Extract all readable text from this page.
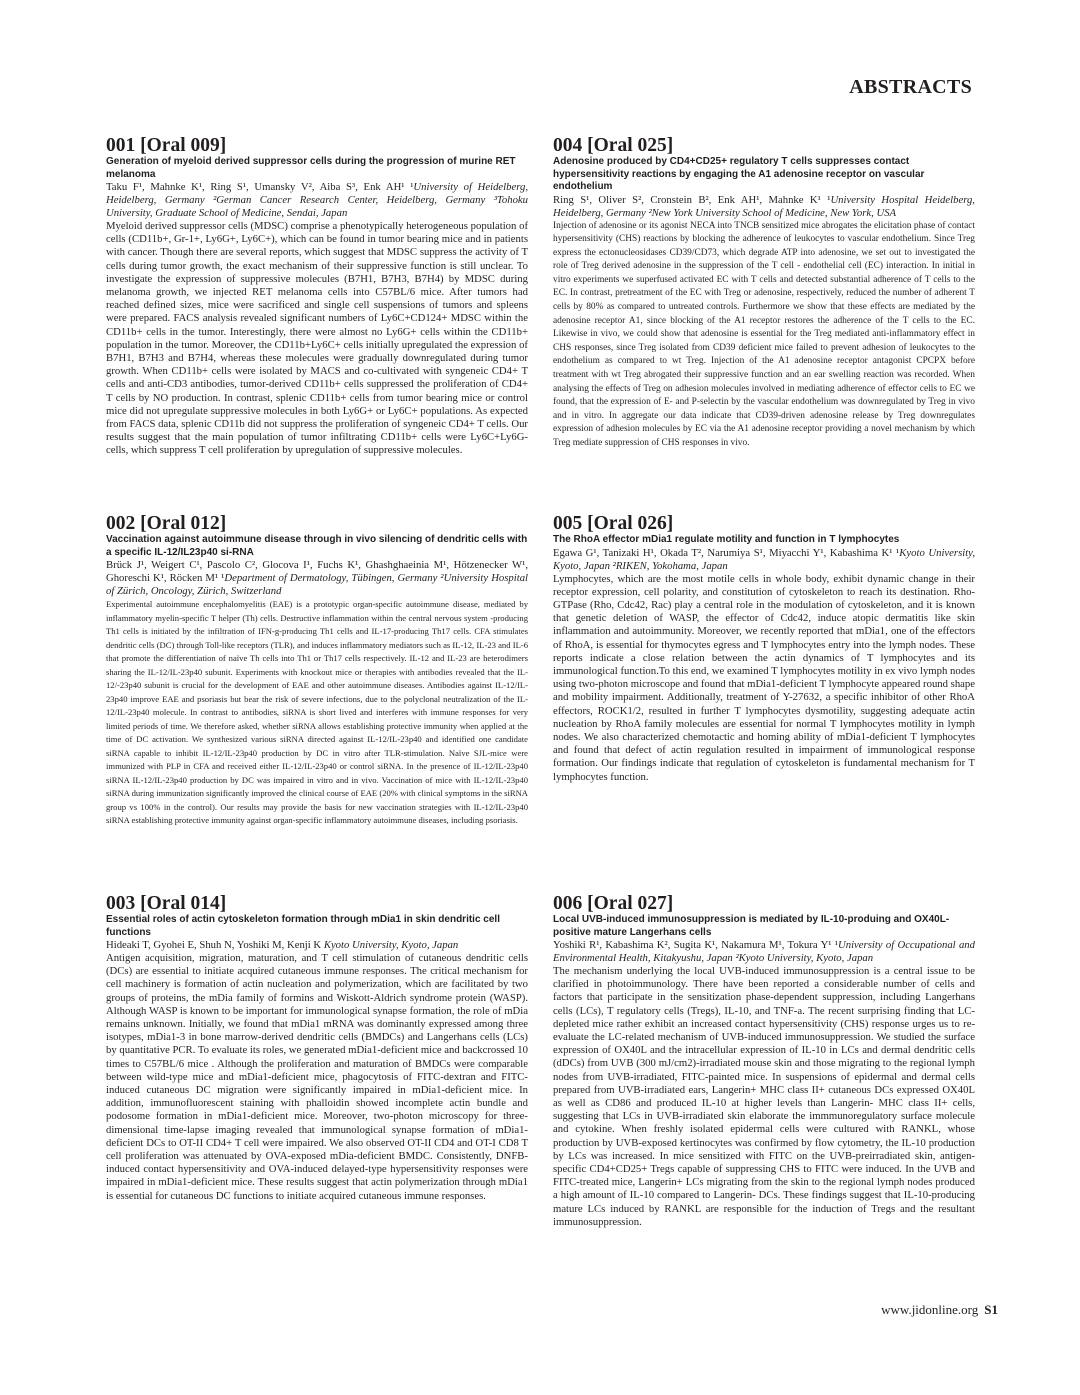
ABSTRACTS
001 [Oral 009]

Generation of myeloid derived suppressor cells during the progression of murine RET melanoma

Taku F¹, Mahnke K¹, Ring S¹, Umansky V², Aiba S³, Enk AH¹ ¹University of Heidelberg, Heidelberg, Germany ²German Cancer Research Center, Heidelberg, Germany ³Tohoku University, Graduate School of Medicine, Sendai, Japan

Myeloid derived suppressor cells (MDSC) comprise a phenotypically heterogeneous population of cells (CD11b+, Gr-1+, Ly6G+, Ly6C+), which can be found in tumor bearing mice and in patients with cancer. Though there are several reports, which suggest that MDSC suppress the activity of T cells during tumor growth, the exact mechanism of their suppressive function is still unclear. To investigate the expression of suppressive molecules (B7H1, B7H3, B7H4) by MDSC during melanoma growth, we injected RET melanoma cells into C57BL/6 mice. After tumors had reached defined sizes, mice were sacrificed and single cell suspensions of tumors and spleens were prepared. FACS analysis revealed significant numbers of Ly6C+CD124+ MDSC within the CD11b+ cells in the tumor. Interestingly, there were almost no Ly6G+ cells within the CD11b+ population in the tumor. Moreover, the CD11b+Ly6C+ cells initially upregulated the expression of B7H1, B7H3 and B7H4, whereas these molecules were gradually downregulated during tumor growth. When CD11b+ cells were isolated by MACS and co-cultivated with syngeneic CD4+ T cells and anti-CD3 antibodies, tumor-derived CD11b+ cells suppressed the proliferation of CD4+ T cells by NO production. In contrast, splenic CD11b+ cells from tumor bearing mice or control mice did not upregulate suppressive molecules in both Ly6G+ or Ly6C+ populations. As expected from FACS data, splenic CD11b did not suppress the proliferation of syngeneic CD4+ T cells. Our results suggest that the main population of tumor infiltrating CD11b+ cells were Ly6C+Ly6G- cells, which suppress T cell proliferation by upregulation of suppressive molecules.

002 [Oral 012]

Vaccination against autoimmune disease through in vivo silencing of dendritic cells with a specific IL-12/IL23p40 si-RNA

Brück J¹, Weigert C¹, Pascolo C², Glocova I¹, Fuchs K¹, Ghashghaeinia M¹, Hötzenecker W¹, Ghoreschi K¹, Röcken M¹ ¹Department of Dermatology, Tübingen, Germany ²University Hospital of Zürich, Oncology, Zürich, Switzerland

Experimental autoimmune encephalomyelitis (EAE) is a prototypic organ-specific autoimmune disease, mediated by inflammatory myelin-specific T helper (Th) cells. Destructive inflammation within the central nervous system -producing Th1 cells is initiated by the infiltration of IFN-g-producing Th1 cells and IL-17-producing Th17 cells. CFA stimulates dendritic cells (DC) through Toll-like receptors (TLR), and induces inflammatory mediators such as IL-12, IL-23 and IL-6 that promote the differentiation of naïve Th cells into Th1 or Th17 cells respectively. IL-12 and IL-23 are heterodimers sharing the IL-12/IL-23p40 subunit. Experiments with knockout mice or therapies with antibodies revealed that the IL-12/-23p40 subunit is crucial for the development of EAE and other autoimmune diseases. Antibodies against IL-12/IL-23p40 improve EAE and psoriasis but bear the risk of severe infections, due to the polyclonal neutralization of the IL-12/IL-23p40 molecule. In contrast to antibodies, siRNA is short lived and interferes with immune responses for very limited periods of time. We therefore asked, whether siRNA allows establishing protective immunity when applied at the time of DC activation. We synthesized various siRNA directed against IL-12/IL-23p40 and identified one candidate siRNA capable to inhibit IL-12/IL-23p40 production by DC in vitro after TLR-stimulation. Naïve SJL-mice were immunized with PLP in CFA and received either IL-12/IL-23p40 or control siRNA. In the presence of IL-12/IL-23p40 siRNA IL-12/IL-23p40 production by DC was impaired in vitro and in vivo. Vaccination of mice with IL-12/IL-23p40 siRNA during immunization significantly improved the clinical course of EAE (20% with clinical symptoms in the siRNA group vs 100% in the control). Our results may provide the basis for new vaccination strategies with IL-12/IL-23p40 siRNA establishing protective immunity against organ-specific inflammatory autoimmune diseases, including psoriasis.

003 [Oral 014]

Essential roles of actin cytoskeleton formation through mDia1 in skin dendritic cell functions

Hideaki T, Gyohei E, Shuh N, Yoshiki M, Kenji K Kyoto University, Kyoto, Japan

Antigen acquisition, migration, maturation, and T cell stimulation of cutaneous dendritic cells (DCs) are essential to initiate acquired cutaneous immune responses. The critical mechanism for cell machinery is formation of actin nucleation and polymerization, which are facilitated by two groups of proteins, the mDia family of formins and Wiskott-Aldrich syndrome protein (WASP). Although WASP is known to be important for immunological synapse formation, the role of mDia remains unknown. Initially, we found that mDia1 mRNA was dominantly expressed among three isotypes, mDia1-3 in bone marrow-derived dendritic cells (BMDCs) and Langerhans cells (LCs) by quantitative PCR. To evaluate its roles, we generated mDia1-deficient mice and backcrossed 10 times to C57BL/6 mice . Although the proliferation and maturation of BMDCs were comparable between wild-type mice and mDia1-deficient mice, phagocytosis of FITC-dextran and FITC-induced cutaneous DC migration were significantly impaired in mDia1-deficient mice. In addition, immunofluorescent staining with phalloidin showed incomplete actin bundle and podosome formation in mDia1-deficient mice. Moreover, two-photon microscopy for three-dimensional time-lapse imaging revealed that immunological synapse formation of mDia1-deficient DCs to OT-II CD4+ T cell were impaired. We also observed OT-II CD4 and OT-I CD8 T cell proliferation was attenuated by OVA-exposed mDia-deficient BMDC. Consistently, DNFB-induced contact hypersensitivity and OVA-induced delayed-type hypersensitivity responses were impaired in mDia1-deficient mice. These results suggest that actin polymerization through mDia1 is essential for cutaneous DC functions to initiate acquired cutaneous immune responses.

004 [Oral 025]

Adenosine produced by CD4+CD25+ regulatory T cells suppresses contact hypersensitivity reactions by engaging the A1 adenosine receptor on vascular endothelium

Ring S¹, Oliver S², Cronstein B², Enk AH¹, Mahnke K¹ ¹University Hospital Heidelberg, Heidelberg, Germany ²New York University School of Medicine, New York, USA

Injection of adenosine or its agonist NECA into TNCB sensitized mice abrogates the elicitation phase of contact hypersensitivity (CHS) reactions by blocking the adherence of leukocytes to vascular endothelium. Since Treg express the ectonucleosidases CD39/CD73, which degrade ATP into adenosine, we set out to investigated the role of Treg derived adenosine in the suppression of the T cell - endothelial cell (EC) interaction. In initial in vitro experiments we superfused activated EC with T cells and detected substantial adherence of T cells to the EC. In contrast, pretreatment of the EC with Treg or adenosine, respectively, reduced the number of adherent T cells by 80% as compared to untreated controls. Furthermore we show that these effects are mediated by the adenosine receptor A1, since blocking of the A1 receptor restores the adherence of the T cells to the EC. Likewise in vivo, we could show that adenosine is essential for the Treg mediated anti-inflammatory effect in CHS responses, since Treg isolated from CD39 deficient mice failed to prevent adhesion of leukocytes to the endothelium as compared to wt Treg. Injection of the A1 adenosine receptor antagonist CPCPX before treatment with wt Treg abrogated their suppressive function and an ear swelling reaction was recorded. When analysing the effects of Treg on adhesion molecules involved in mediating adherence of effector cells to EC we found, that the expression of E- and P-selectin by the vascular endothelium was downregulated by Treg in vivo and in vitro. In aggregate our data indicate that CD39-driven adenosine release by Treg downregulates expression of adhesion molecules by EC via the A1 adenosine receptor providing a novel mechanism by which Treg mediate suppression of CHS responses in vivo.

005 [Oral 026]

The RhoA effector mDia1 regulate motility and function in T lymphocytes

Egawa G¹, Tanizaki H¹, Okada T², Narumiya S¹, Miyacchi Y¹, Kabashima K¹ ¹Kyoto University, Kyoto, Japan ²RIKEN, Yokohama, Japan

Lymphocytes, which are the most motile cells in whole body, exhibit dynamic change in their receptor expression, cell polarity, and constitution of cytoskeleton to reach its destination. Rho-GTPase (Rho, Cdc42, Rac) play a central role in the modulation of cytoskeleton, and it is known that genetic deletion of WASP, the effector of Cdc42, induce atopic dermatitis like skin inflammation and autoimmunity. Moreover, we recently reported that mDia1, one of the effectors of RhoA, is essential for thymocytes egress and T lymphocytes entry into the lymph nodes. These reports indicate a close relation between the actin dynamics of T lymphocytes and its immunological function.To this end, we examined T lymphocytes motility in ex vivo lymph nodes using two-photon microscope and found that mDia1-deficient T lymphocyte appeared round shape and mobility impairment. Additionally, treatment of Y-27632, a specific inhibitor of other RhoA effectors, ROCK1/2, resulted in further T lymphocytes dysmotility, suggesting adequate actin nucleation by RhoA family molecules are essential for normal T lymphocytes motility in lymph nodes. We also characterized chemotactic and homing ability of mDia1-deficient T lymphocytes and found that defect of actin regulation resulted in impairment of immunological response formation. Our findings indicate that regulation of cytoskeleton is fundamental mechanism for T lymphocytes function.

006 [Oral 027]

Local UVB-induced immunosuppression is mediated by IL-10-produing and OX40L-positive mature Langerhans cells

Yoshiki R¹, Kabashima K², Sugita K¹, Nakamura M¹, Tokura Y¹ ¹University of Occupational and Environmental Health, Kitakyushu, Japan ²Kyoto University, Kyoto, Japan

The mechanism underlying the local UVB-induced immunosuppression is a central issue to be clarified in photoimmunology. There have been reported a considerable number of cells and factors that participate in the sensitization phase-dependent suppression, including Langerhans cells (LCs), T regulatory cells (Tregs), IL-10, and TNF-a. The recent surprising finding that LC-depleted mice rather exhibit an increased contact hypersensitivity (CHS) response urges us to re-evaluate the LC-related mechanism of UVB-induced immunosuppression. We studied the surface expression of OX40L and the intracellular expression of IL-10 in LCs and dermal dendritic cells (dDCs) from UVB (300 mJ/cm2)-irradiated mouse skin and those migrating to the regional lymph nodes from UVB-irradiated, FITC-painted mice. In suspensions of epidermal and dermal cells prepared from UVB-irradiated ears, Langerin+ MHC class II+ cutaneous DCs expressed OX40L as well as CD86 and produced IL-10 at higher levels than Langerin- MHC class II+ cells, suggesting that LCs in UVB-irradiated skin elaborate the immmunoregulatory surface molecule and cytokine. When freshly isolated epidermal cells were cultured with RANKL, whose production by UVB-exposed kertinocytes was confirmed by flow cytometry, the IL-10 production by LCs was increased. In mice sensitized with FITC on the UVB-preirradiated skin, antigen-specific CD4+CD25+ Tregs capable of suppressing CHS to FITC were induced. In the UVB and FITC-treated mice, Langerin+ LCs migrating from the skin to the regional lymph nodes produced a high amount of IL-10 compared to Langerin- DCs. These findings suggest that IL-10-producing mature LCs induced by RANKL are responsible for the induction of Tregs and the resultant immunosuppression.

www.jidonline.org S1
